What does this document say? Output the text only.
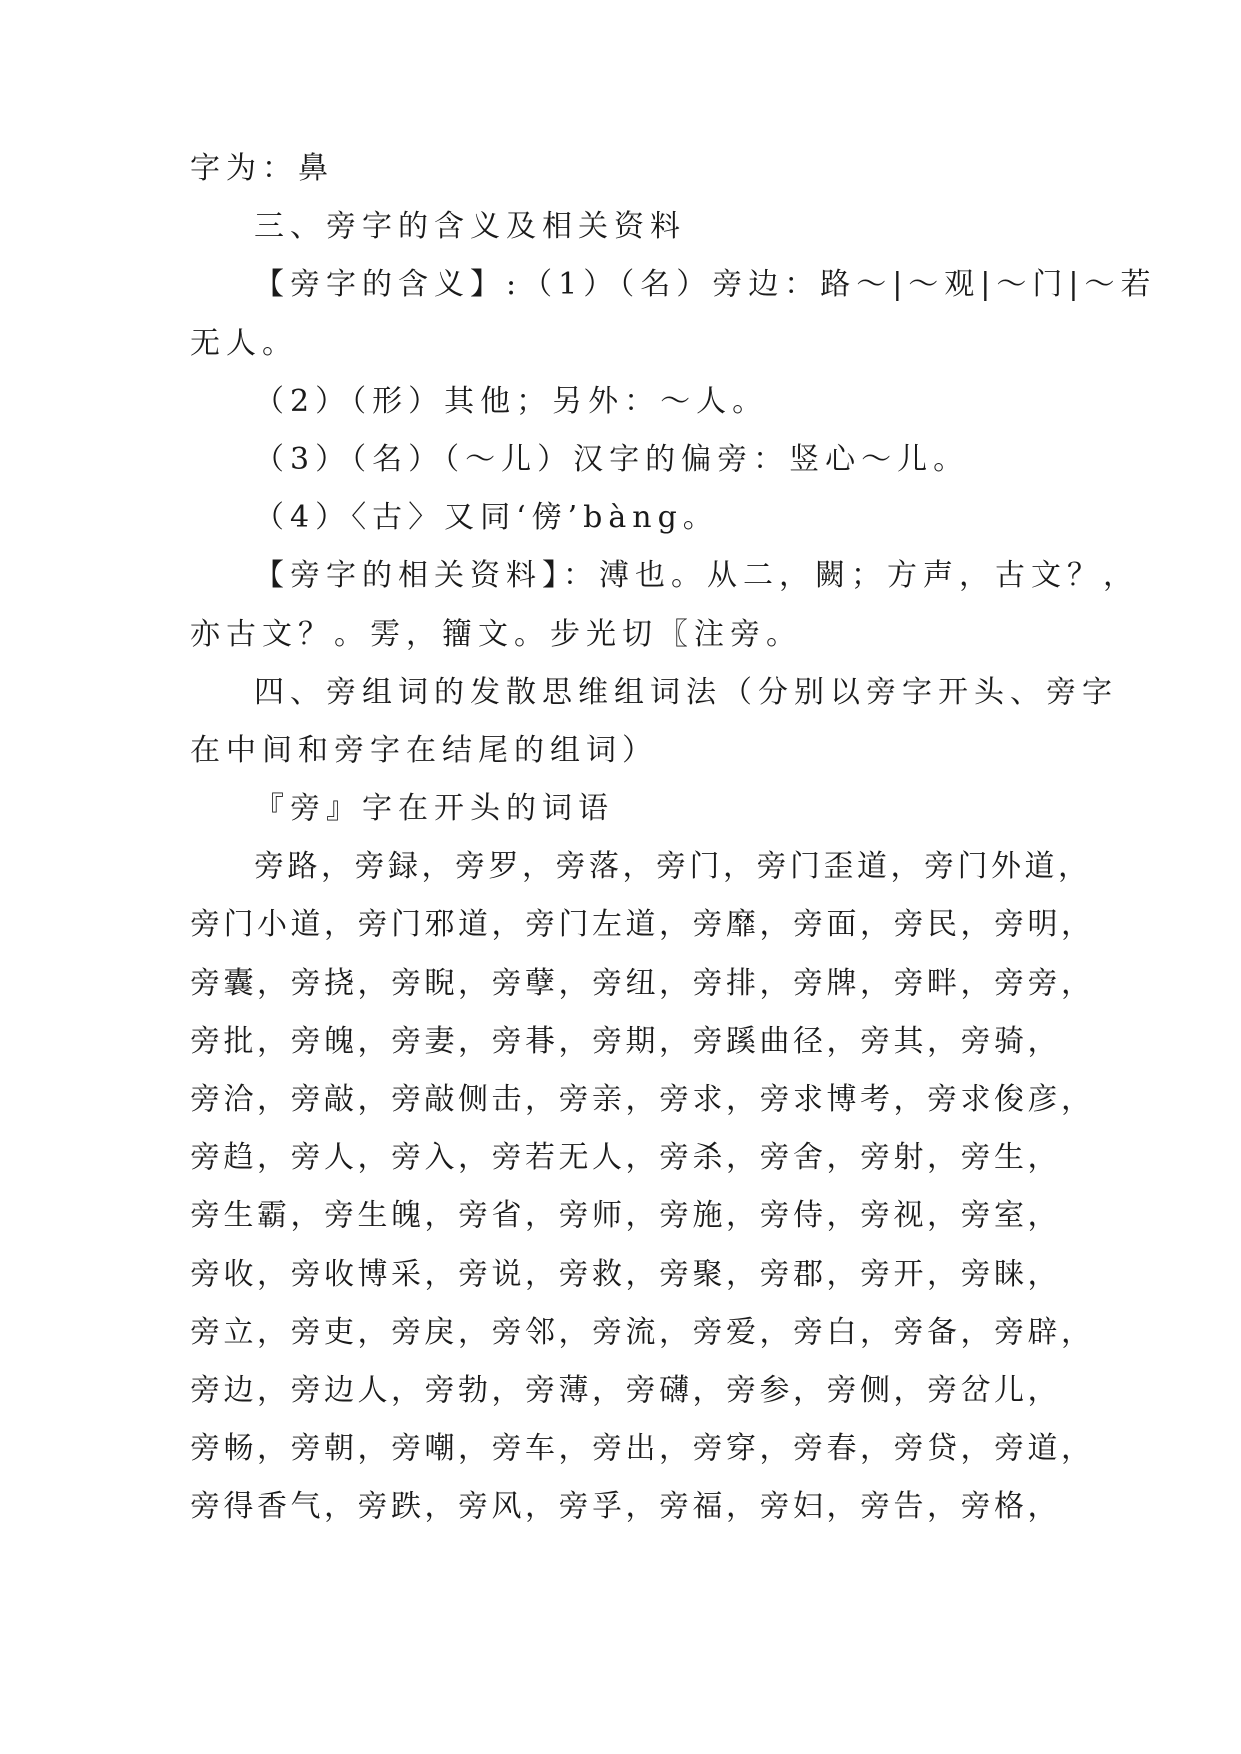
字为：鼻
三、旁字的含义及相关资料
【旁字的含义】:（1）（名）旁边：路～|～观|～门|～若
无人。
（2）（形）其他；另外：～人。
（3）（名）（～儿）汉字的偏旁：竖心～儿。
（4）〈古〉又同‘傍’bàng。
【旁字的相关资料】：溥也。从二，闕；方声，古文？，
亦古文？。雱，籒文。步光切〖注旁。
四、旁组词的发散思维组词法（分别以旁字开头、旁字
在中间和旁字在结尾的组词）
『旁』字在开头的词语
旁路，旁録，旁罗，旁落，旁门，旁门歪道，旁门外道，
旁门小道，旁门邪道，旁门左道，旁靡，旁面，旁民，旁明，
旁囊，旁挠，旁睨，旁孽，旁纽，旁排，旁牌，旁畔，旁旁，
旁批，旁魄，旁妻，旁朞，旁期，旁蹊曲径，旁其，旁骑，
旁洽，旁敲，旁敲侧击，旁亲，旁求，旁求博考，旁求俊彦，
旁趋，旁人，旁入，旁若无人，旁杀，旁舍，旁射，旁生，
旁生霸，旁生魄，旁省，旁师，旁施，旁侍，旁视，旁室，
旁收，旁收博采，旁说，旁救，旁聚，旁郡，旁开，旁睐，
旁立，旁吏，旁戾，旁邻，旁流，旁爱，旁白，旁备，旁辟，
旁边，旁边人，旁勃，旁薄，旁礴，旁参，旁侧，旁岔儿，
旁畅，旁朝，旁嘲，旁车，旁出，旁穿，旁春，旁贷，旁道，
旁得香气，旁跌，旁风，旁孚，旁福，旁妇，旁告，旁格，
